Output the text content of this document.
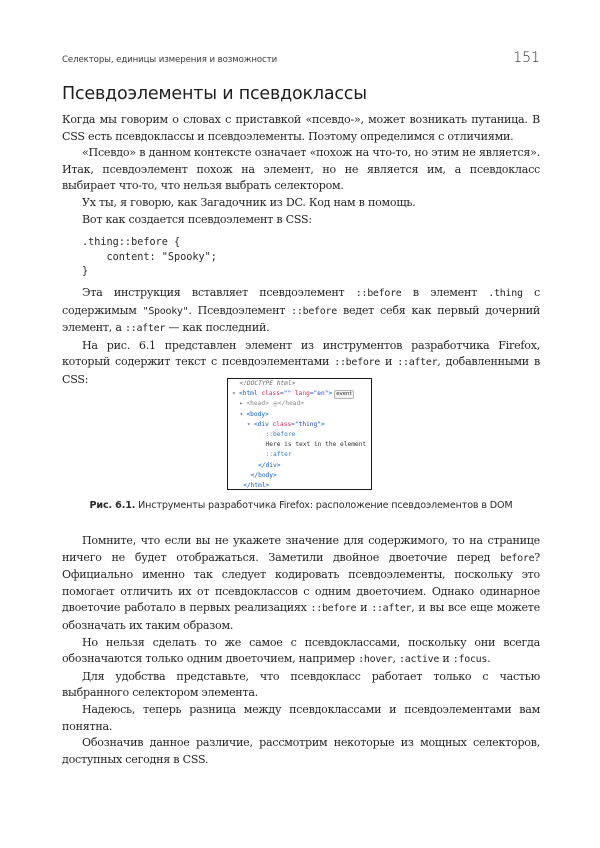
Селекторы, единицы измерения и возможности	151
Псевдоэлементы и псевдоклассы

Когда мы говорим о словах с приставкой «псевдо-», может возникать путаница. В CSS есть псевдоклассы и псевдоэлементы. Поэтому определимся с отличиями.

«Псевдо» в данном контексте означает «похож на что-то, но этим не является». Итак, псевдоэлемент похож на элемент, но не является им, а псевдокласс выбирает что-то, что нельзя выбрать селектором.

Ух ты, я говорю, как Загадочник из DC. Код нам в помощь.

Вот как создается псевдоэлемент в CSS:

.thing::before {
content: "Spooky";
}

Эта инструкция вставляет псевдоэлемент ::before в элемент .thing с содержимым "Spooky". Псевдоэлемент ::before ведет себя как первый дочерний элемент, а ::after — как последний.

На рис. 6.1 представлен элемент из инструментов разработчика Firefox, который содержит текст с псевдоэлементами ::before и ::after, добавленными в CSS:	<!DOCTYPE html>
▾ <html class="" lang="en"> event
▸ <head> ⋯</head>
▾ <body>
▾ <div class="thing">
::before
Here is text in the element
::after
</div>
</body>
</html>
Рис. 6.1. Инструменты разработчика Firefox: расположение псевдоэлементов в DOM

Помните, что если вы не укажете значение для содержимого, то на странице ничего не будет отображаться. Заметили двойное двоеточие перед before? Официально именно так следует кодировать псевдоэлементы, поскольку это помогает отличить их от псевдоклассов с одним двоеточием. Однако одинарное двоеточие работало в первых реализациях ::before и ::after, и вы все еще можете обозначать их таким образом.

Но нельзя сделать то же самое с псевдоклассами, поскольку они всегда обозначаются только одним двоеточием, например :hover, :active и :focus.

Для удобства представьте, что псевдокласс работает только с частью выбранного селектором элемента.

Надеюсь, теперь разница между псевдоклассами и псевдоэлементами вам понятна.

Обозначив данное различие, рассмотрим некоторые из мощных селекторов, доступных сегодня в CSS.
